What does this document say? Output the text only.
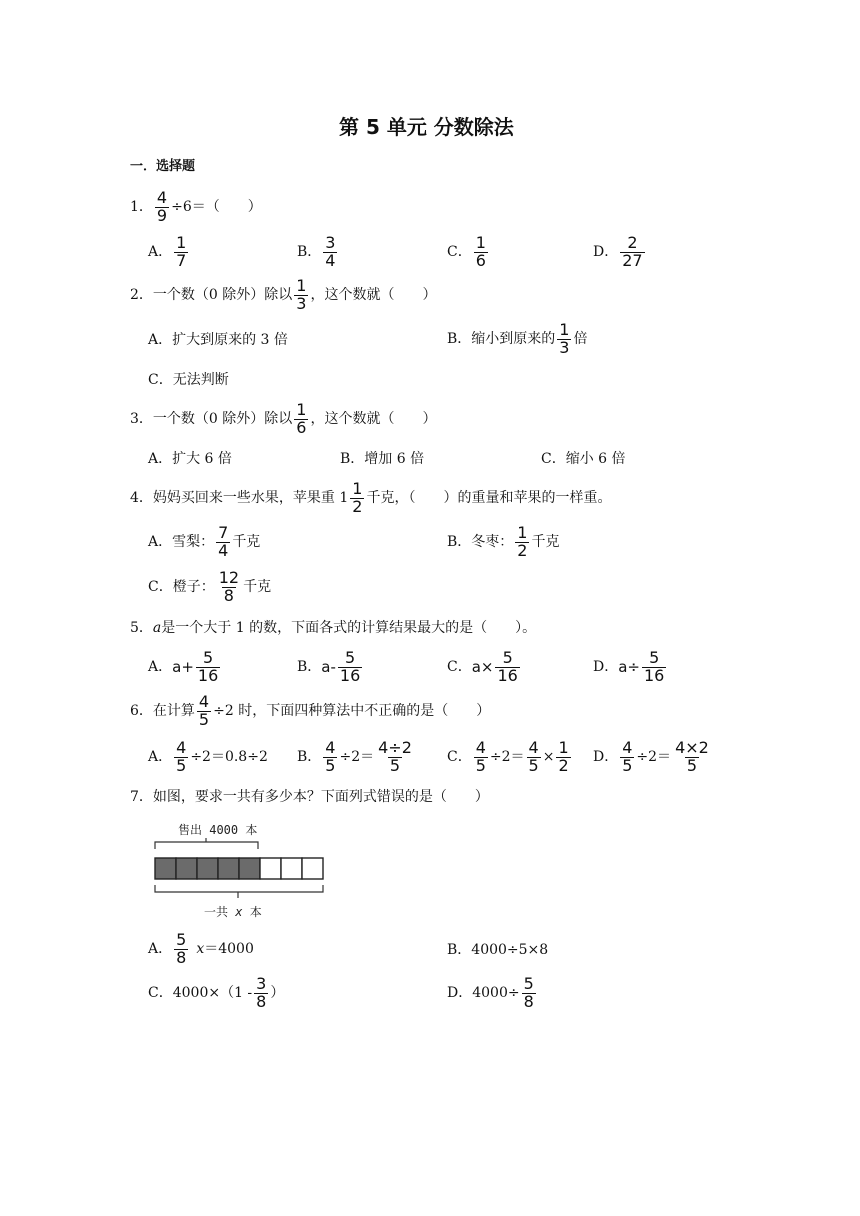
第 5 单元 分数除法
一．选择题
1． $\frac{4}{9} \div 6=$（　　）
A． $\frac{1}{7}$	B． $\frac{3}{4}$	C． $\frac{1}{6}$	D． $\frac{2}{27}$
2． 一个数（0 除外）除以 $\frac{1}{3}$ ，这个数就（　　）
A．扩大到原来的 3 倍	B．缩小到原来的 $\frac{1}{3}$ 倍
C．无法判断
3． 一个数（0 除外）除以 $\frac{1}{6}$ ，这个数就（　　）
A．扩大 6 倍	B．增加 6 倍	C．缩小 6 倍
4． 妈妈买回来一些水果，苹果重 $1 \frac{1}{2}$ 千克，（　　）的重量和苹果的一样重。
A．雪梨： $\frac{7}{4}$ 千克	B．冬枣： $\frac{1}{2}$ 千克
C．橙子： $\frac{12}{8}$ 千克
5． a 是一个大于 1 的数，下面各式的计算结果最大的是（　　）。
A． $a+ \frac{5}{16}$	B． $a- \frac{5}{16}$	C． $a\times \frac{5}{16}$	D． $a\div \frac{5}{16}$
6． 在计算 $\frac{4}{5} \div 2$ 时，下面四种算法中不正确的是（　　）
A． $\frac{4}{5} \div 2=0.8\div 2$ B． $\frac{4}{5} \div 2= \frac{4\div 2}{5}$ C． $\frac{4}{5} \div 2= \frac{4}{5} \times \frac{1}{2}$ D． $\frac{4}{5} \div 2= \frac{4\times 2}{5}$
7．如图，要求一共有多少本？下面列式错误的是（　　）
售出 4000 本
一共 x 本
A． $\frac{5}{8}$ x ＝4000	B．4000÷5×8
C． $4000\times(1 - \frac{3}{8}$ ）	D． $4000\div \frac{5}{8}$
